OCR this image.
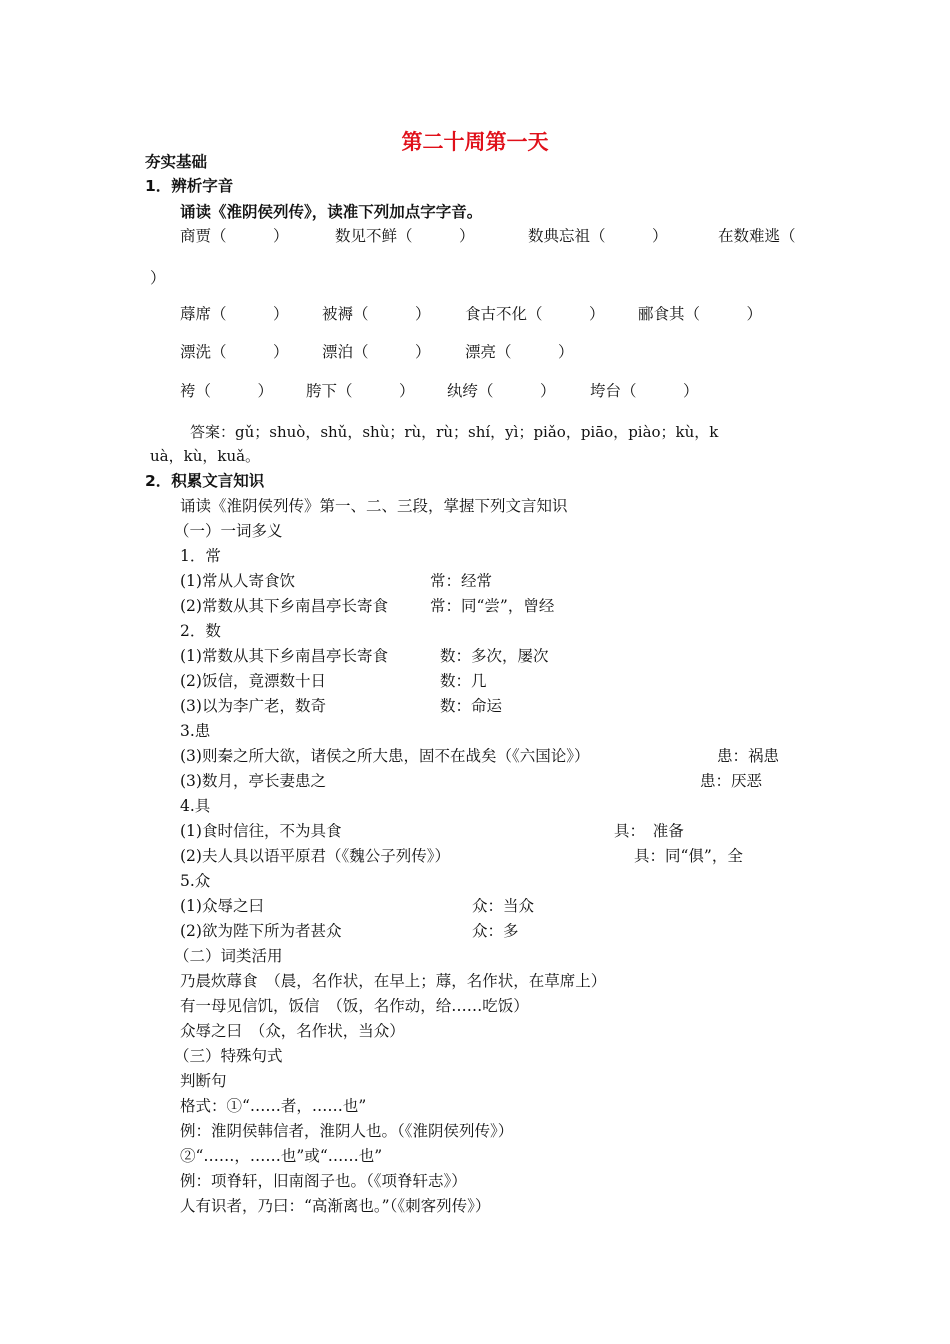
第二十周第一天
夯实基础
1．辨析字音
诵读《淮阴侯列传》，读准下列加点字字音。
商贾（　　　）	数见不鲜（　　　）	数典忘祖（　　　）	在数难逃（
）
蓐席（　　　） 被褥（　　　） 食古不化（　　　） 郦食其（　　　）
漂洗（　　　） 漂泊（　　　） 漂亮（　　　）
袴（　　　） 胯下（　　　） 纨绔（　　　） 垮台（　　　）
答案：gǔ；shuò，shǔ，shù；rù，rù；shí，yì；piǎo，piāo，piào；kù，k
uà，kù，kuǎ。
2．积累文言知识
诵读《淮阴侯列传》第一、二、三段，掌握下列文言知识
（一）一词多义
1．常
(1)常从人寄食饮	常：经常
(2)常数从其下乡南昌亭长寄食	常：同“尝”，曾经
2．数
(1)常数从其下乡南昌亭长寄食	数：多次，屡次
(2)饭信，竟漂数十日	数：几
(3)以为李广老，数奇	数：命运
3.患
(3)则秦之所大欲，诸侯之所大患，固不在战矣（《六国论》）	患：祸患
(3)数月，亭长妻患之	患：厌恶
4.具
(1)食时信往，不为具食	具：　准备
(2)夫人具以语平原君（《魏公子列传》）	具：同“俱”，全
5.众
(1)众辱之曰	众：当众
(2)欲为陛下所为者甚众	众：多
（二）词类活用
乃晨炊蓐食　（晨，名作状，在早上；蓐，名作状，在草席上）
有一母见信饥，饭信　（饭，名作动，给……吃饭）
众辱之曰　（众，名作状，当众）
（三）特殊句式
判断句
格式：①“……者，……也”
例：淮阴侯韩信者，淮阴人也。（《淮阴侯列传》）
②“……，……也”或“……也”
例：项脊轩，旧南阁子也。（《项脊轩志》）
人有识者，乃曰：“高渐离也。”（《刺客列传》）
